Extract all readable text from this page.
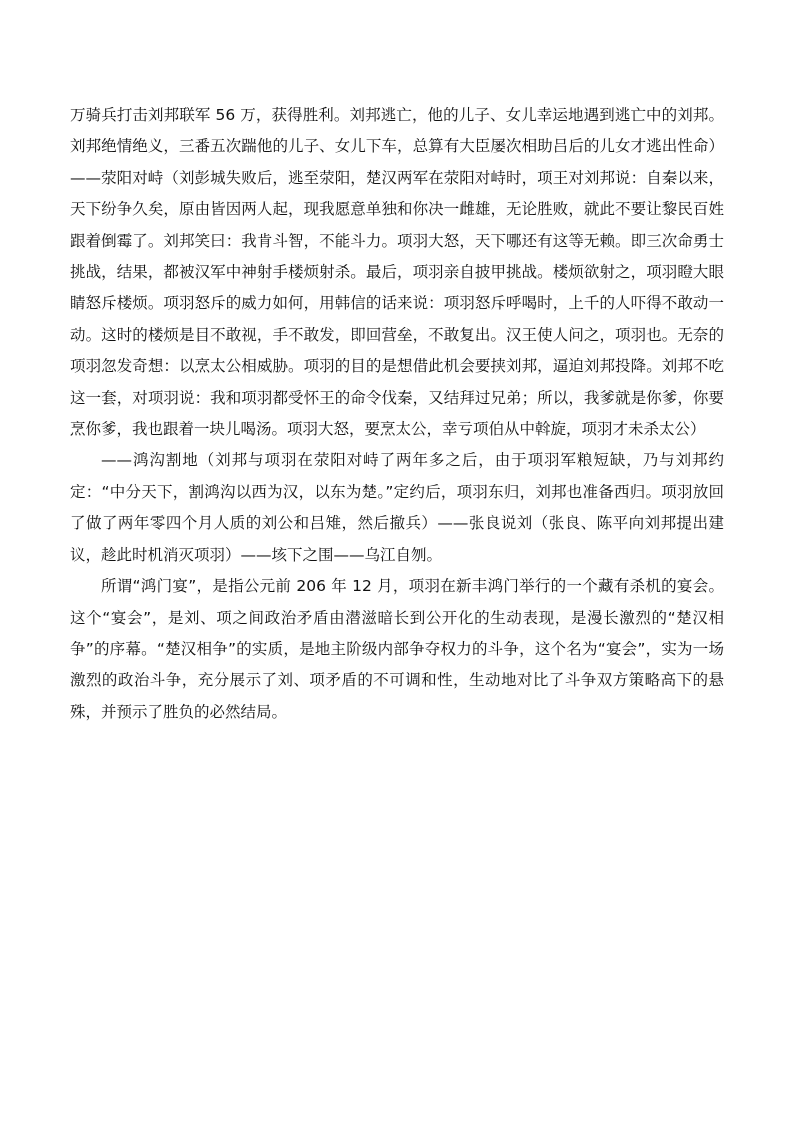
万骑兵打击刘邦联军 56 万，获得胜利。刘邦逃亡，他的儿子、女儿幸运地遇到逃亡中的刘邦。刘邦绝情绝义，三番五次踹他的儿子、女儿下车，总算有大臣屡次相助吕后的儿女才逃出性命）——荥阳对峙（刘彭城失败后，逃至荥阳，楚汉两军在荥阳对峙时，项王对刘邦说：自秦以来，天下纷争久矣，原由皆因两人起，现我愿意单独和你决一雌雄，无论胜败，就此不要让黎民百姓跟着倒霉了。刘邦笑曰：我肯斗智，不能斗力。项羽大怒，天下哪还有这等无赖。即三次命勇士挑战，结果，都被汉军中神射手楼烦射杀。最后，项羽亲自披甲挑战。楼烦欲射之，项羽瞪大眼睛怒斥楼烦。项羽怒斥的威力如何，用韩信的话来说：项羽怒斥呼喝时，上千的人吓得不敢动一动。这时的楼烦是目不敢视，手不敢发，即回营垒，不敢复出。汉王使人问之，项羽也。无奈的项羽忽发奇想：以烹太公相威胁。项羽的目的是想借此机会要挟刘邦，逼迫刘邦投降。刘邦不吃这一套，对项羽说：我和项羽都受怀王的命令伐秦，又结拜过兄弟；所以，我爹就是你爹，你要烹你爹，我也跟着一块儿喝汤。项羽大怒，要烹太公，幸亏项伯从中斡旋，项羽才未杀太公）

——鸿沟割地（刘邦与项羽在荥阳对峙了两年多之后，由于项羽军粮短缺，乃与刘邦约定：“中分天下，割鸿沟以西为汉，以东为楚。”定约后，项羽东归，刘邦也准备西归。项羽放回了做了两年零四个月人质的刘公和吕雉，然后撤兵）——张良说刘（张良、陈平向刘邦提出建议，趁此时机消灭项羽）——垓下之围——乌江自刎。

所谓“鸿门宴”，是指公元前 206 年 12 月，项羽在新丰鸿门举行的一个藏有杀机的宴会。这个“宴会”，是刘、项之间政治矛盾由潜滋暗长到公开化的生动表现，是漫长激烈的“楚汉相争”的序幕。“楚汉相争”的实质，是地主阶级内部争夺权力的斗争，这个名为“宴会”，实为一场激烈的政治斗争，充分展示了刘、项矛盾的不可调和性，生动地对比了斗争双方策略高下的悬殊，并预示了胜负的必然结局。
